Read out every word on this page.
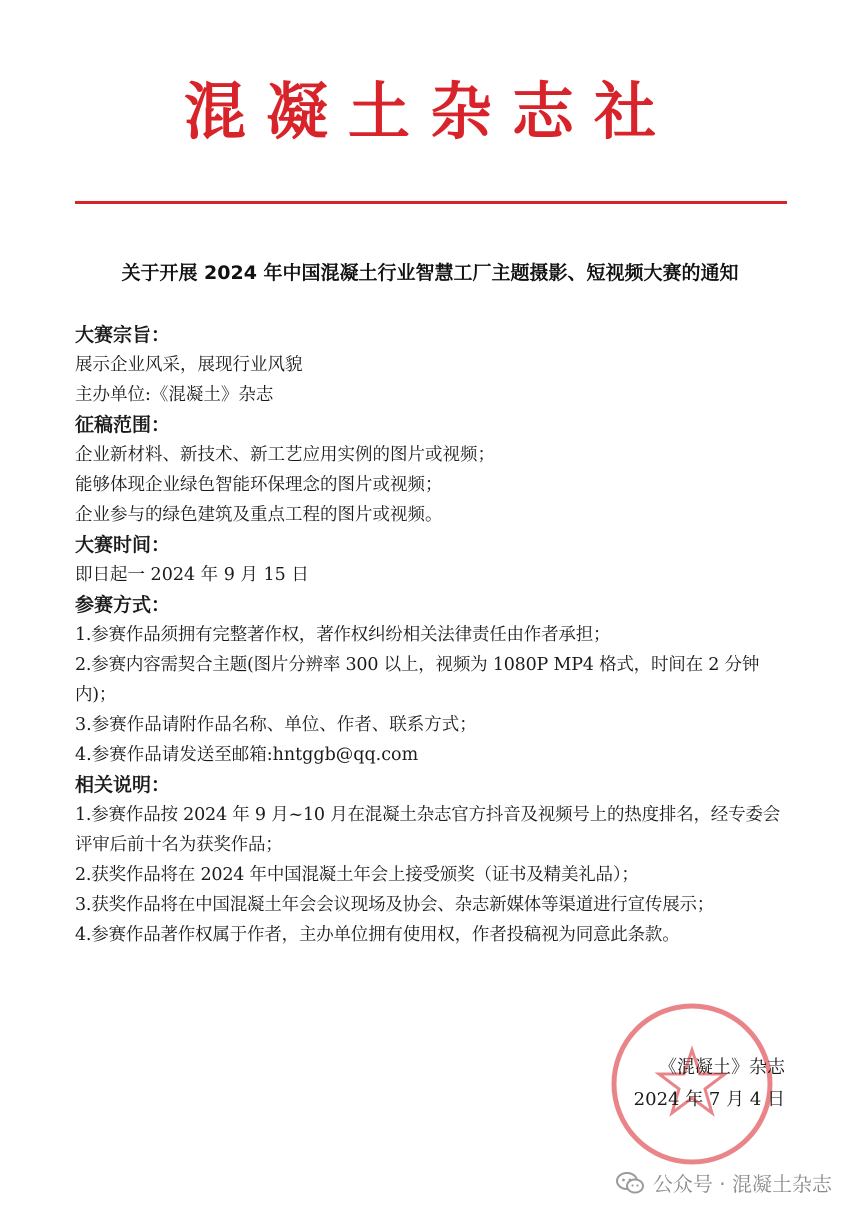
混凝土杂志社
关于开展 2024 年中国混凝土行业智慧工厂主题摄影、短视频大赛的通知

大赛宗旨：

展示企业风采，展现行业风貌

主办单位:《混凝土》杂志

征稿范围：

企业新材料、新技术、新工艺应用实例的图片或视频；

能够体现企业绿色智能环保理念的图片或视频；

企业参与的绿色建筑及重点工程的图片或视频。

大赛时间：

即日起一 2024 年 9 月 15 日

参赛方式：

1.参赛作品须拥有完整著作权，著作权纠纷相关法律责任由作者承担；

2.参赛内容需契合主题(图片分辨率 300 以上，视频为 1080P MP4 格式，时间在 2 分钟内)；

3.参赛作品请附作品名称、单位、作者、联系方式；

4.参赛作品请发送至邮箱:hntggb@qq.com

相关说明：

1.参赛作品按 2024 年 9 月~10 月在混凝土杂志官方抖音及视频号上的热度排名，经专委会评审后前十名为获奖作品；

2.获奖作品将在 2024 年中国混凝土年会上接受颁奖（证书及精美礼品）；

3.获奖作品将在中国混凝土年会会议现场及协会、杂志新媒体等渠道进行宣传展示；

4.参赛作品著作权属于作者，主办单位拥有使用权，作者投稿视为同意此条款。

《混凝土》杂志
2024 年 7 月 4 日
公众号 · 混凝土杂志
